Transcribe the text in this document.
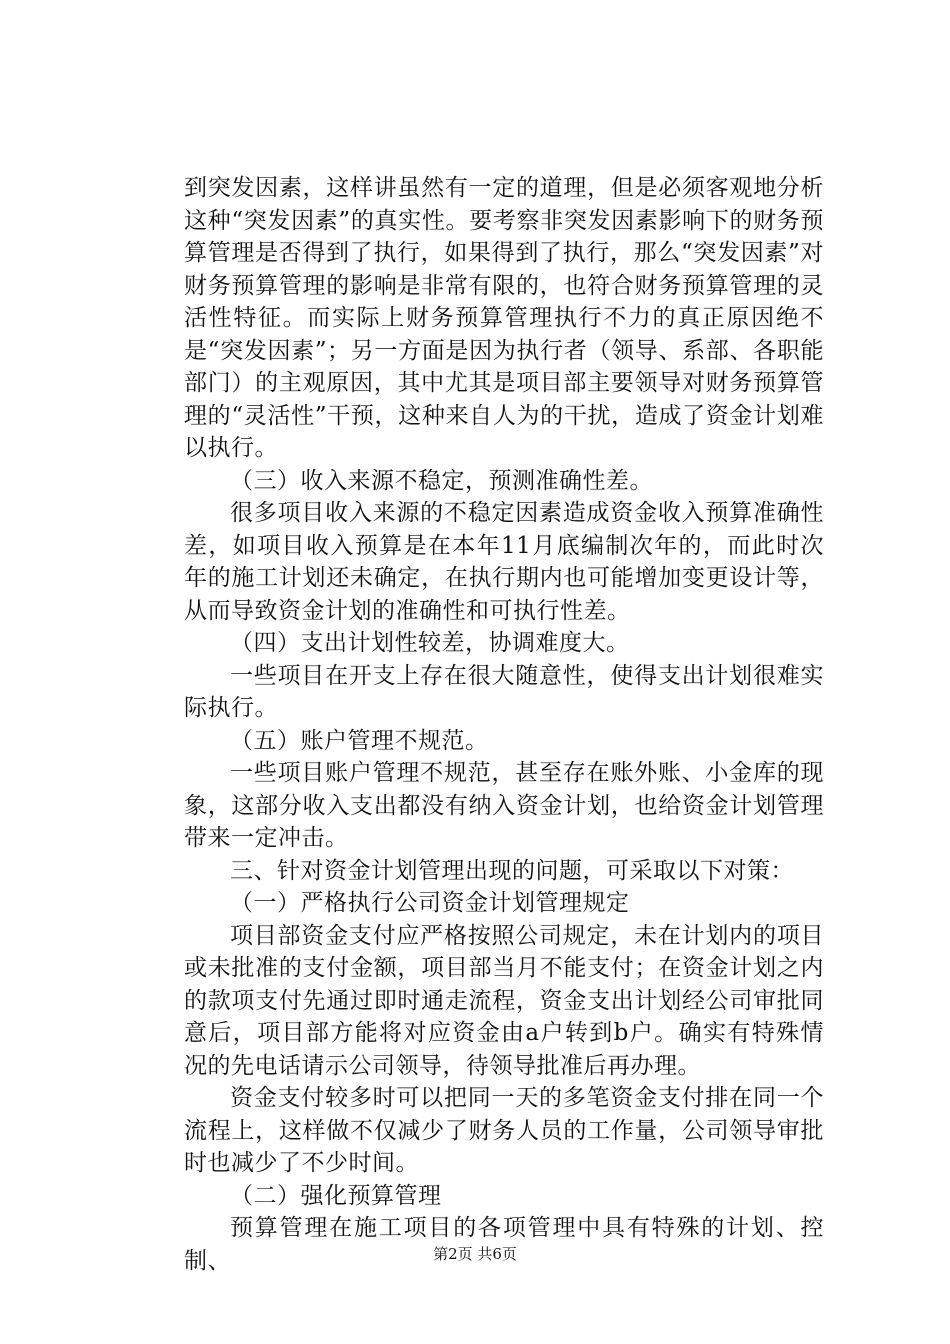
到突发因素，这样讲虽然有一定的道理，但是必须客观地分析这种“突发因素”的真实性。要考察非突发因素影响下的财务预算管理是否得到了执行，如果得到了执行，那么“突发因素”对财务预算管理的影响是非常有限的，也符合财务预算管理的灵活性特征。而实际上财务预算管理执行不力的真正原因绝不是“突发因素”；另一方面是因为执行者（领导、系部、各职能部门）的主观原因，其中尤其是项目部主要领导对财务预算管理的“灵活性”干预，这种来自人为的干扰，造成了资金计划难以执行。

（三）收入来源不稳定，预测准确性差。

很多项目收入来源的不稳定因素造成资金收入预算准确性差，如项目收入预算是在本年11月底编制次年的，而此时次年的施工计划还未确定，在执行期内也可能增加变更设计等，从而导致资金计划的准确性和可执行性差。

（四）支出计划性较差，协调难度大。

一些项目在开支上存在很大随意性，使得支出计划很难实际执行。

（五）账户管理不规范。

一些项目账户管理不规范，甚至存在账外账、小金库的现象，这部分收入支出都没有纳入资金计划，也给资金计划管理带来一定冲击。

三、针对资金计划管理出现的问题，可采取以下对策：

（一）严格执行公司资金计划管理规定

项目部资金支付应严格按照公司规定，未在计划内的项目或未批准的支付金额，项目部当月不能支付；在资金计划之内的款项支付先通过即时通走流程，资金支出计划经公司审批同意后，项目部方能将对应资金由a户转到b户。确实有特殊情况的先电话请示公司领导，待领导批准后再办理。

资金支付较多时可以把同一天的多笔资金支付排在同一个流程上，这样做不仅减少了财务人员的工作量，公司领导审批时也减少了不少时间。

（二）强化预算管理

预算管理在施工项目的各项管理中具有特殊的计划、控制、	第2页 共6页
